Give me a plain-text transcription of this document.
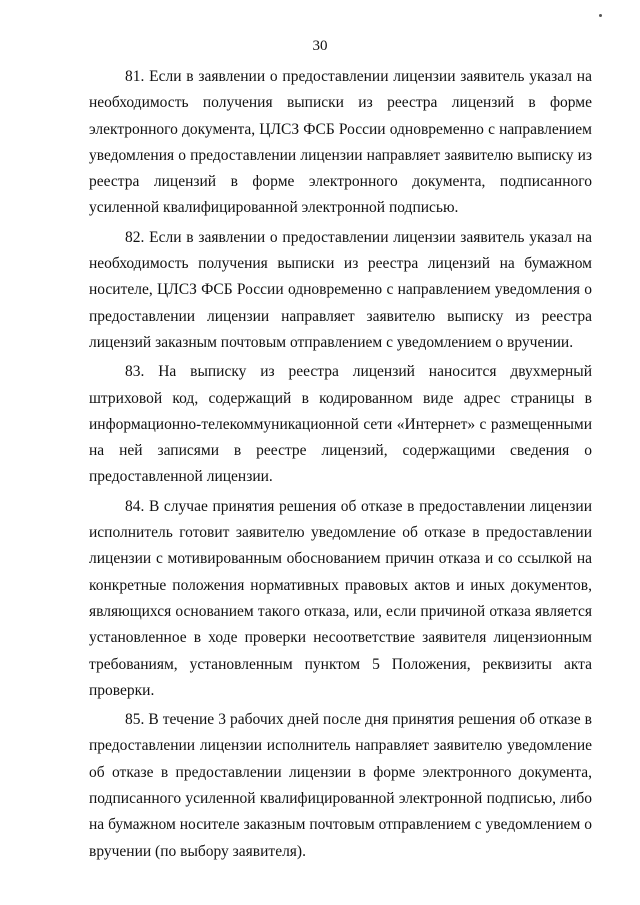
30

81. Если в заявлении о предоставлении лицензии заявитель указал на необходимость получения выписки из реестра лицензий в форме электронного документа, ЦЛСЗ ФСБ России одновременно с направлением уведомления о предоставлении лицензии направляет заявителю выписку из реестра лицензий в форме электронного документа, подписанного усиленной квалифицированной электронной подписью.

82. Если в заявлении о предоставлении лицензии заявитель указал на необходимость получения выписки из реестра лицензий на бумажном носителе, ЦЛСЗ ФСБ России одновременно с направлением уведомления о предоставлении лицензии направляет заявителю выписку из реестра лицензий заказным почтовым отправлением с уведомлением о вручении.

83. На выписку из реестра лицензий наносится двухмерный штриховой код, содержащий в кодированном виде адрес страницы в информационно-телекоммуникационной сети «Интернет» с размещенными на ней записями в реестре лицензий, содержащими сведения о предоставленной лицензии.

84. В случае принятия решения об отказе в предоставлении лицензии исполнитель готовит заявителю уведомление об отказе в предоставлении лицензии с мотивированным обоснованием причин отказа и со ссылкой на конкретные положения нормативных правовых актов и иных документов, являющихся основанием такого отказа, или, если причиной отказа является установленное в ходе проверки несоответствие заявителя лицензионным требованиям, установленным пунктом 5 Положения, реквизиты акта проверки.

85. В течение 3 рабочих дней после дня принятия решения об отказе в предоставлении лицензии исполнитель направляет заявителю уведомление об отказе в предоставлении лицензии в форме электронного документа, подписанного усиленной квалифицированной электронной подписью, либо на бумажном носителе заказным почтовым отправлением с уведомлением о вручении (по выбору заявителя).
